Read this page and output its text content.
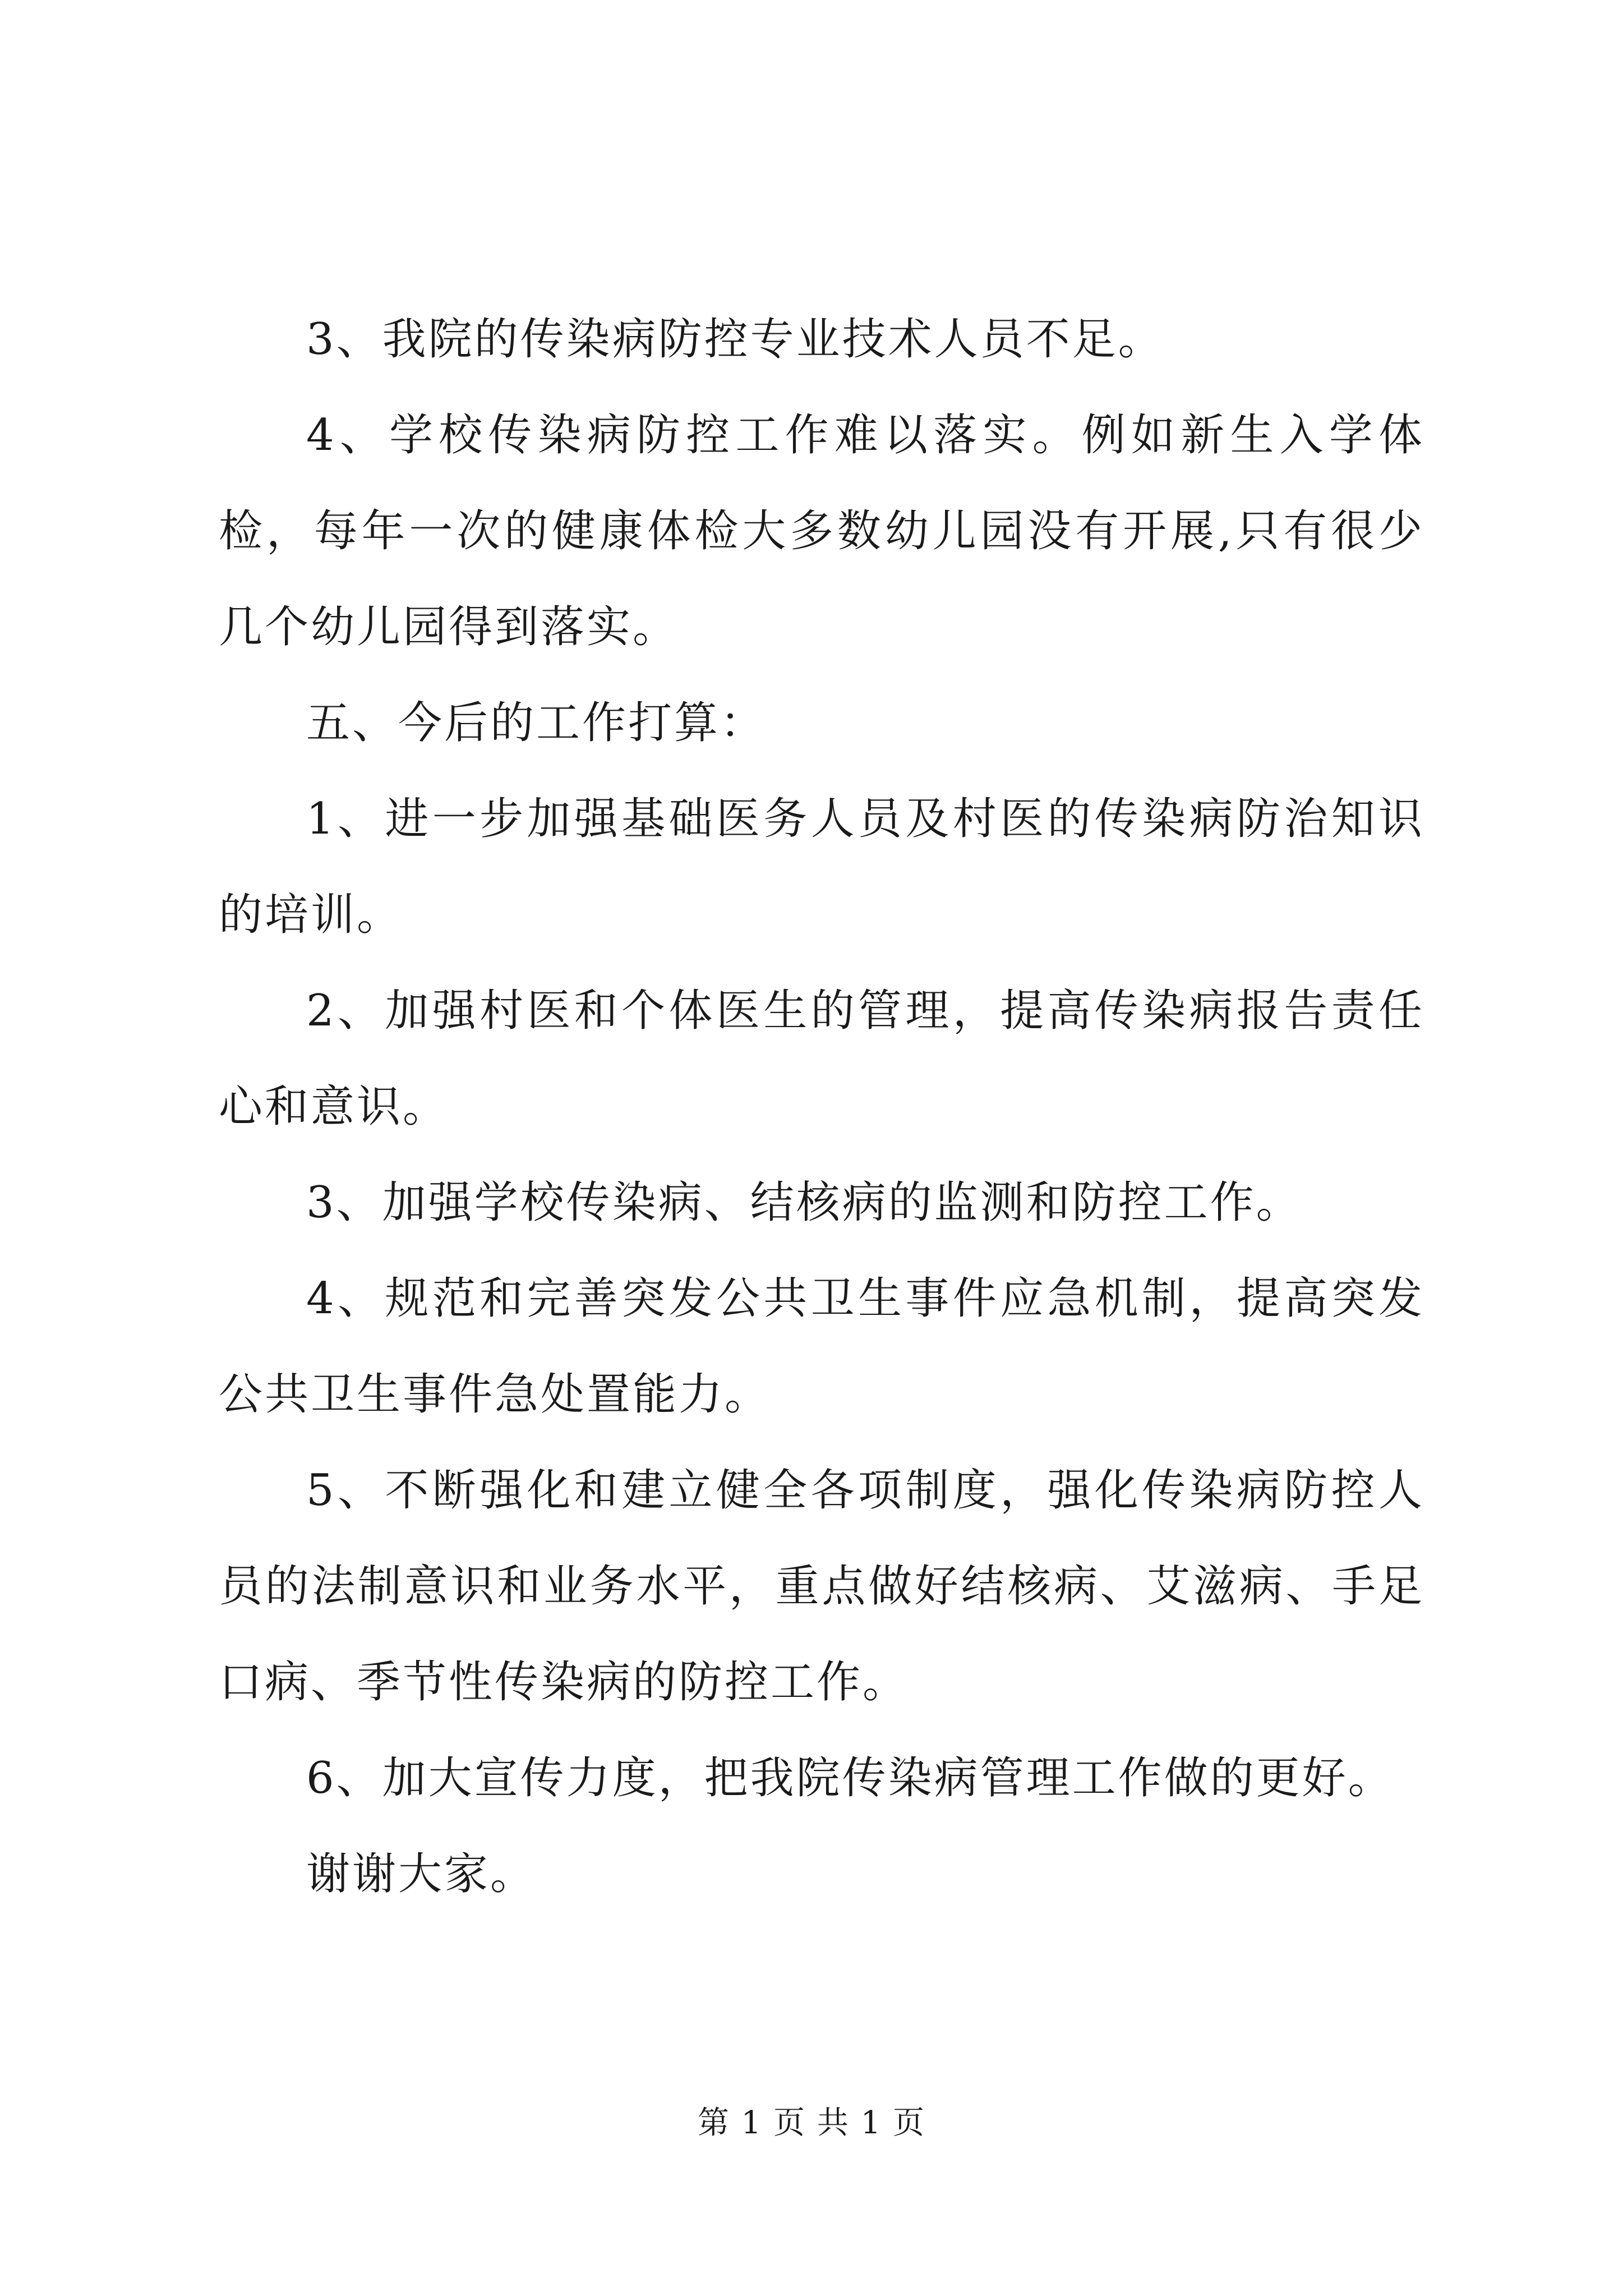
3、我院的传染病防控专业技术人员不足。

4、学校传染病防控工作难以落实。例如新生入学体检，每年一次的健康体检大多数幼儿园没有开展,只有很少几个幼儿园得到落实。

五、今后的工作打算：

1、进一步加强基础医务人员及村医的传染病防治知识的培训。

2、加强村医和个体医生的管理，提高传染病报告责任心和意识。

3、加强学校传染病、结核病的监测和防控工作。

4、规范和完善突发公共卫生事件应急机制，提高突发公共卫生事件急处置能力。

5、不断强化和建立健全各项制度，强化传染病防控人员的法制意识和业务水平，重点做好结核病、艾滋病、手足口病、季节性传染病的防控工作。

6、加大宣传力度，把我院传染病管理工作做的更好。

谢谢大家。

第 1 页 共 1 页
